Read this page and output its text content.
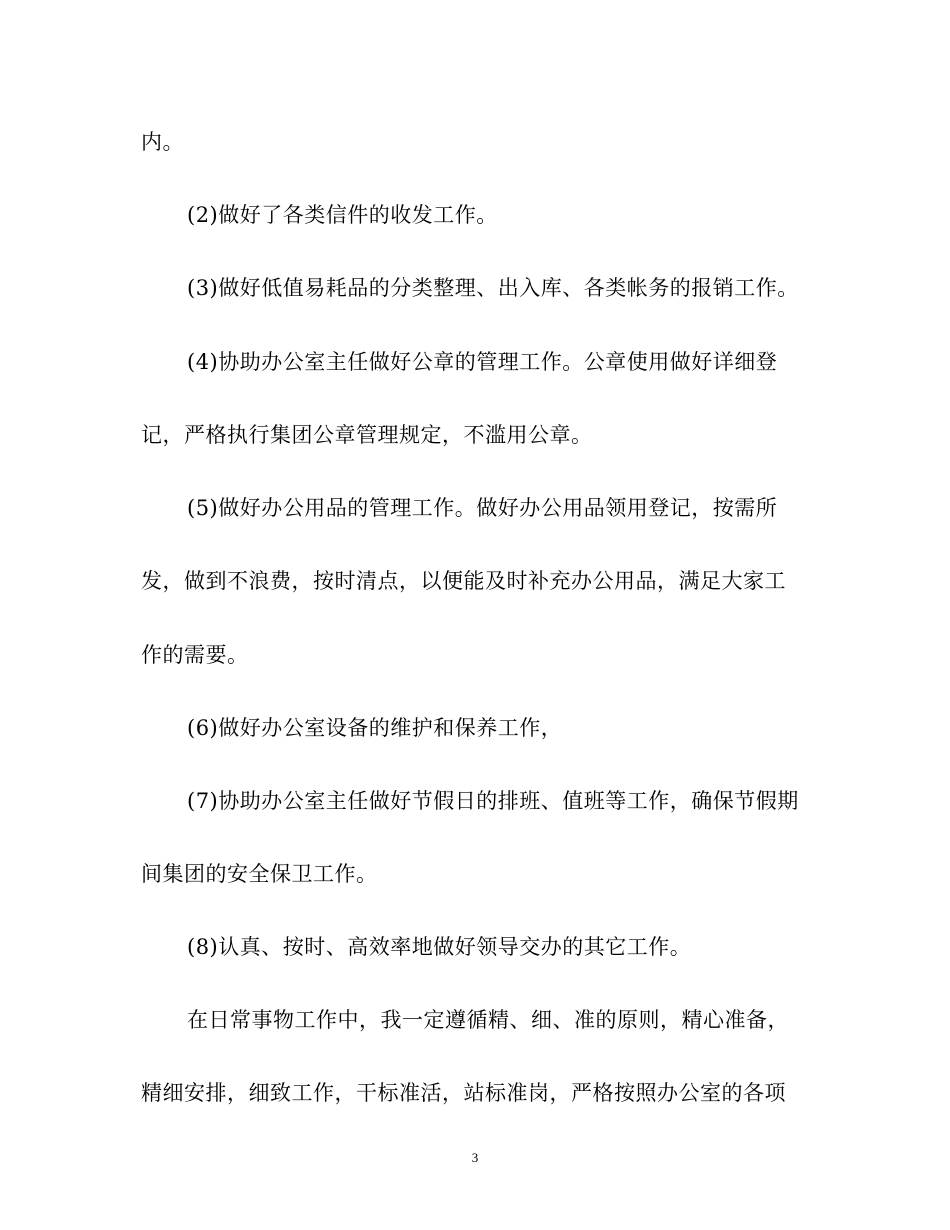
内。
(2)做好了各类信件的收发工作。
(3)做好低值易耗品的分类整理、出入库、各类帐务的报销工作。
(4)协助办公室主任做好公章的管理工作。公章使用做好详细登
记，严格执行集团公章管理规定，不滥用公章。
(5)做好办公用品的管理工作。做好办公用品领用登记，按需所
发，做到不浪费，按时清点，以便能及时补充办公用品，满足大家工
作的需要。
(6)做好办公室设备的维护和保养工作，
(7)协助办公室主任做好节假日的排班、值班等工作，确保节假期
间集团的安全保卫工作。
(8)认真、按时、高效率地做好领导交办的其它工作。
在日常事物工作中，我一定遵循精、细、准的原则，精心准备，
精细安排，细致工作，干标准活，站标准岗，严格按照办公室的各项
3
